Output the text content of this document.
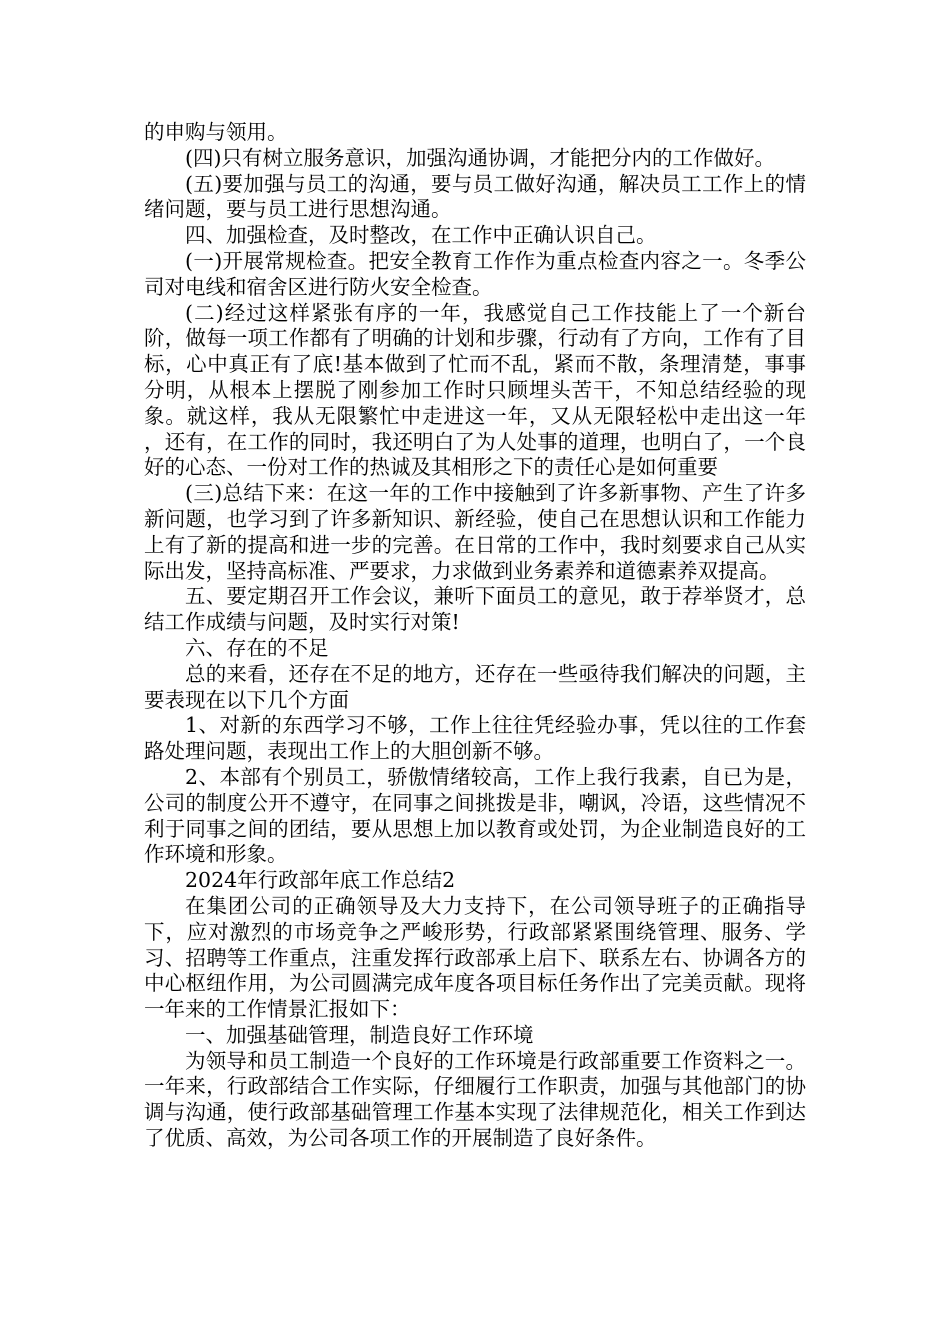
的申购与领用。

(四)只有树立服务意识，加强沟通协调，才能把分内的工作做好。

(五)要加强与员工的沟通，要与员工做好沟通，解决员工工作上的情绪问题，要与员工进行思想沟通。

四、加强检查，及时整改，在工作中正确认识自己。

(一)开展常规检查。把安全教育工作作为重点检查内容之一。冬季公司对电线和宿舍区进行防火安全检查。

(二)经过这样紧张有序的一年，我感觉自己工作技能上了一个新台阶，做每一项工作都有了明确的计划和步骤，行动有了方向，工作有了目标，心中真正有了底!基本做到了忙而不乱，紧而不散，条理清楚，事事分明，从根本上摆脱了刚参加工作时只顾埋头苦干，不知总结经验的现象。就这样，我从无限繁忙中走进这一年，又从无限轻松中走出这一年 ，还有，在工作的同时，我还明白了为人处事的道理，也明白了，一个良好的心态、一份对工作的热诚及其相形之下的责任心是如何重要

(三)总结下来：在这一年的工作中接触到了许多新事物、产生了许多新问题，也学习到了许多新知识、新经验，使自己在思想认识和工作能力上有了新的提高和进一步的完善。在日常的工作中，我时刻要求自己从实际出发，坚持高标准、严要求，力求做到业务素养和道德素养双提高。

五、要定期召开工作会议，兼听下面员工的意见，敢于荐举贤才，总结工作成绩与问题，及时实行对策!

六、存在的不足

总的来看，还存在不足的地方，还存在一些亟待我们解决的问题，主要表现在以下几个方面

1、对新的东西学习不够，工作上往往凭经验办事，凭以往的工作套路处理问题，表现出工作上的大胆创新不够。

2、本部有个别员工，骄傲情绪较高，工作上我行我素，自已为是，公司的制度公开不遵守，在同事之间挑拨是非，嘲讽，冷语，这些情况不利于同事之间的团结，要从思想上加以教育或处罚，为企业制造良好的工作环境和形象。

2024年行政部年底工作总结2

在集团公司的正确领导及大力支持下，在公司领导班子的正确指导下，应对激烈的市场竞争之严峻形势，行政部紧紧围绕管理、服务、学习、招聘等工作重点，注重发挥行政部承上启下、联系左右、协调各方的中心枢纽作用，为公司圆满完成年度各项目标任务作出了完美贡献。现将一年来的工作情景汇报如下：

一、加强基础管理，制造良好工作环境

为领导和员工制造一个良好的工作环境是行政部重要工作资料之一。一年来，行政部结合工作实际，仔细履行工作职责，加强与其他部门的协调与沟通，使行政部基础管理工作基本实现了法律规范化，相关工作到达了优质、高效，为公司各项工作的开展制造了良好条件。
